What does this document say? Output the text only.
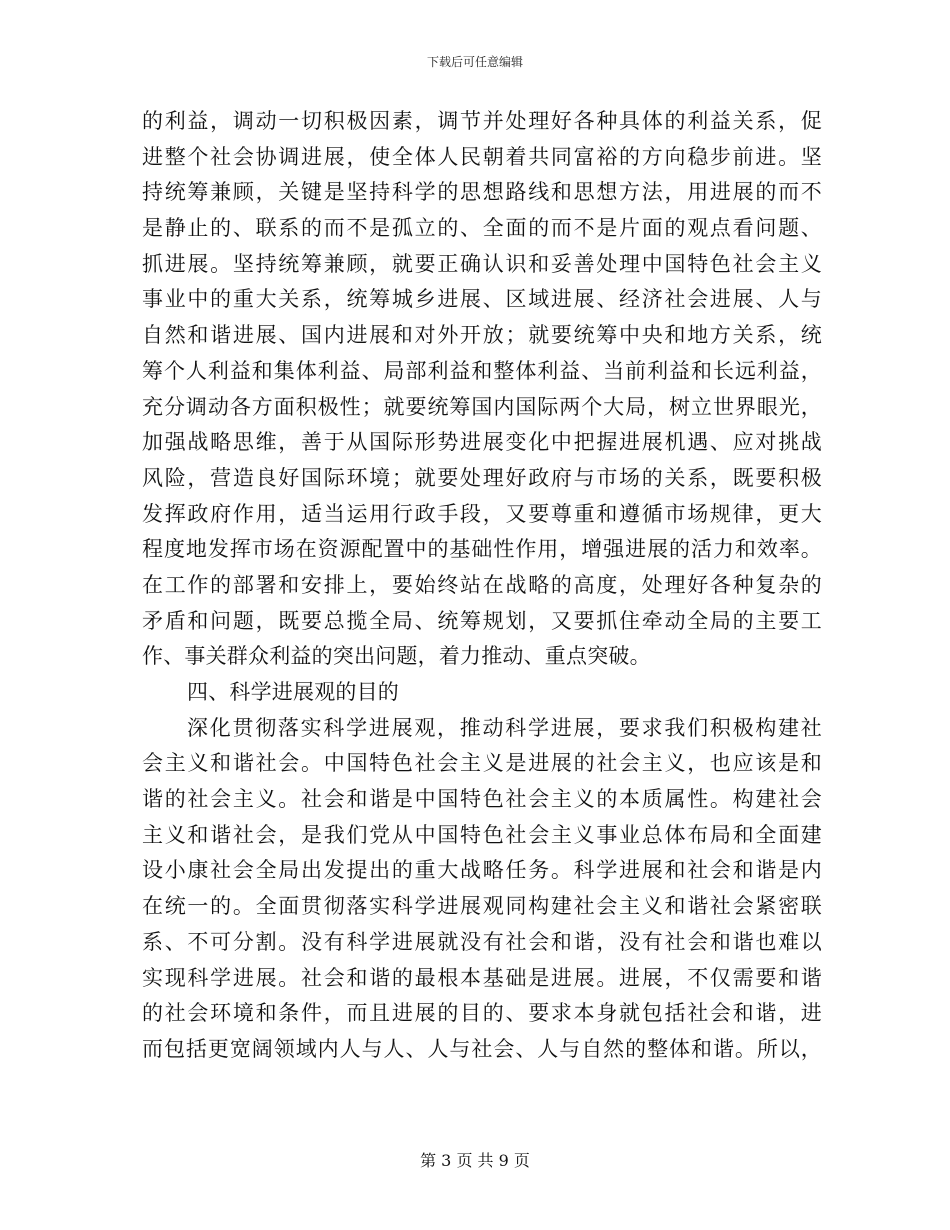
下载后可任意编辑
的利益，调动一切积极因素，调节并处理好各种具体的利益关系，促
进整个社会协调进展，使全体人民朝着共同富裕的方向稳步前进。坚
持统筹兼顾，关键是坚持科学的思想路线和思想方法，用进展的而不
是静止的、联系的而不是孤立的、全面的而不是片面的观点看问题、
抓进展。坚持统筹兼顾，就要正确认识和妥善处理中国特色社会主义
事业中的重大关系，统筹城乡进展、区域进展、经济社会进展、人与
自然和谐进展、国内进展和对外开放；就要统筹中央和地方关系，统
筹个人利益和集体利益、局部利益和整体利益、当前利益和长远利益，
充分调动各方面积极性；就要统筹国内国际两个大局，树立世界眼光，
加强战略思维，善于从国际形势进展变化中把握进展机遇、应对挑战
风险，营造良好国际环境；就要处理好政府与市场的关系，既要积极
发挥政府作用，适当运用行政手段，又要尊重和遵循市场规律，更大
程度地发挥市场在资源配置中的基础性作用，增强进展的活力和效率。
在工作的部署和安排上，要始终站在战略的高度，处理好各种复杂的
矛盾和问题，既要总揽全局、统筹规划，又要抓住牵动全局的主要工
作、事关群众利益的突出问题，着力推动、重点突破。
四、科学进展观的目的
深化贯彻落实科学进展观，推动科学进展，要求我们积极构建社
会主义和谐社会。中国特色社会主义是进展的社会主义，也应该是和
谐的社会主义。社会和谐是中国特色社会主义的本质属性。构建社会
主义和谐社会，是我们党从中国特色社会主义事业总体布局和全面建
设小康社会全局出发提出的重大战略任务。科学进展和社会和谐是内
在统一的。全面贯彻落实科学进展观同构建社会主义和谐社会紧密联
系、不可分割。没有科学进展就没有社会和谐，没有社会和谐也难以
实现科学进展。社会和谐的最根本基础是进展。进展，不仅需要和谐
的社会环境和条件，而且进展的目的、要求本身就包括社会和谐，进
而包括更宽阔领域内人与人、人与社会、人与自然的整体和谐。所以，
第 3 页 共 9 页
